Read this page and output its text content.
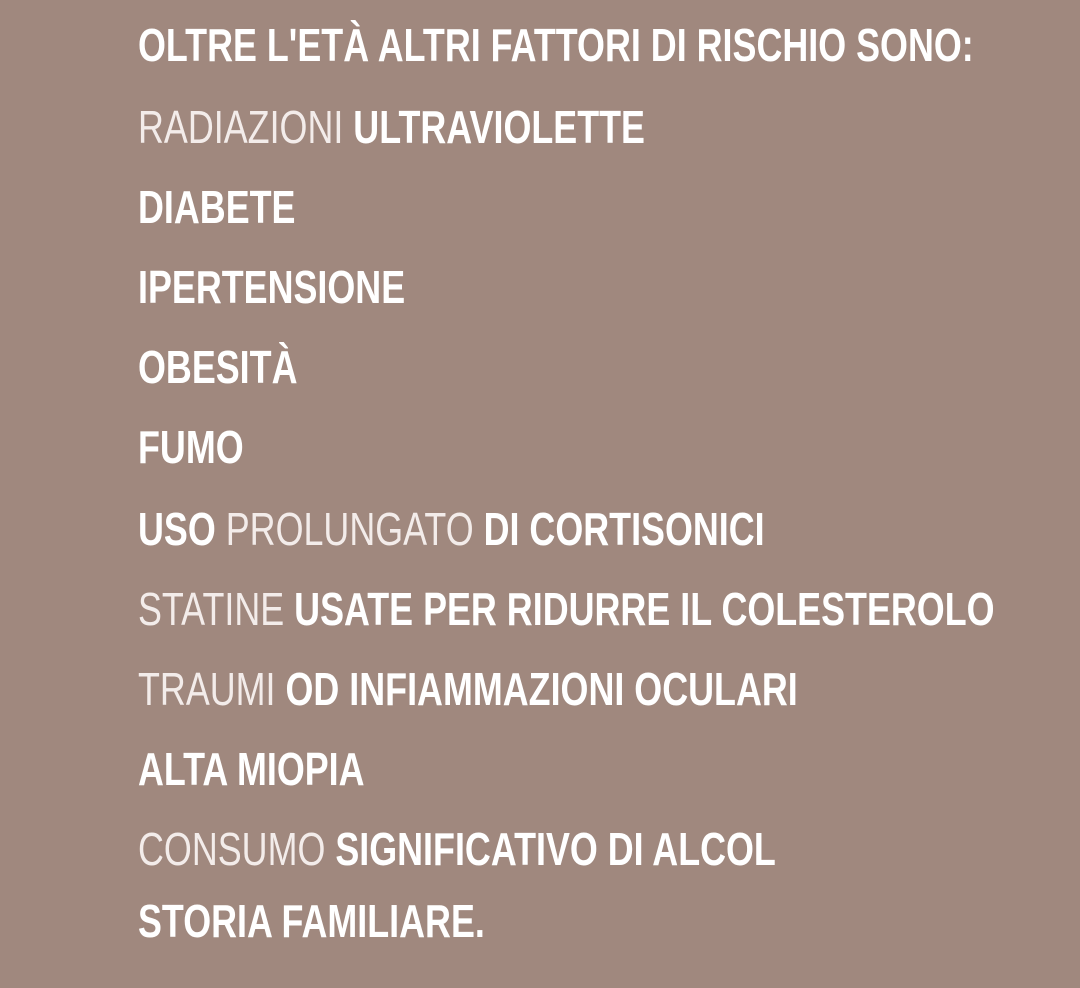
OLTRE L'ETÀ ALTRI FATTORI DI RISCHIO SONO:
RADIAZIONI ULTRAVIOLETTE
DIABETE
IPERTENSIONE
OBESITÀ
FUMO
USO PROLUNGATO DI CORTISONICI
STATINE USATE PER RIDURRE IL COLESTEROLO
TRAUMI OD INFIAMMAZIONI OCULARI
ALTA MIOPIA
CONSUMO SIGNIFICATIVO DI ALCOL
STORIA FAMILIARE.
